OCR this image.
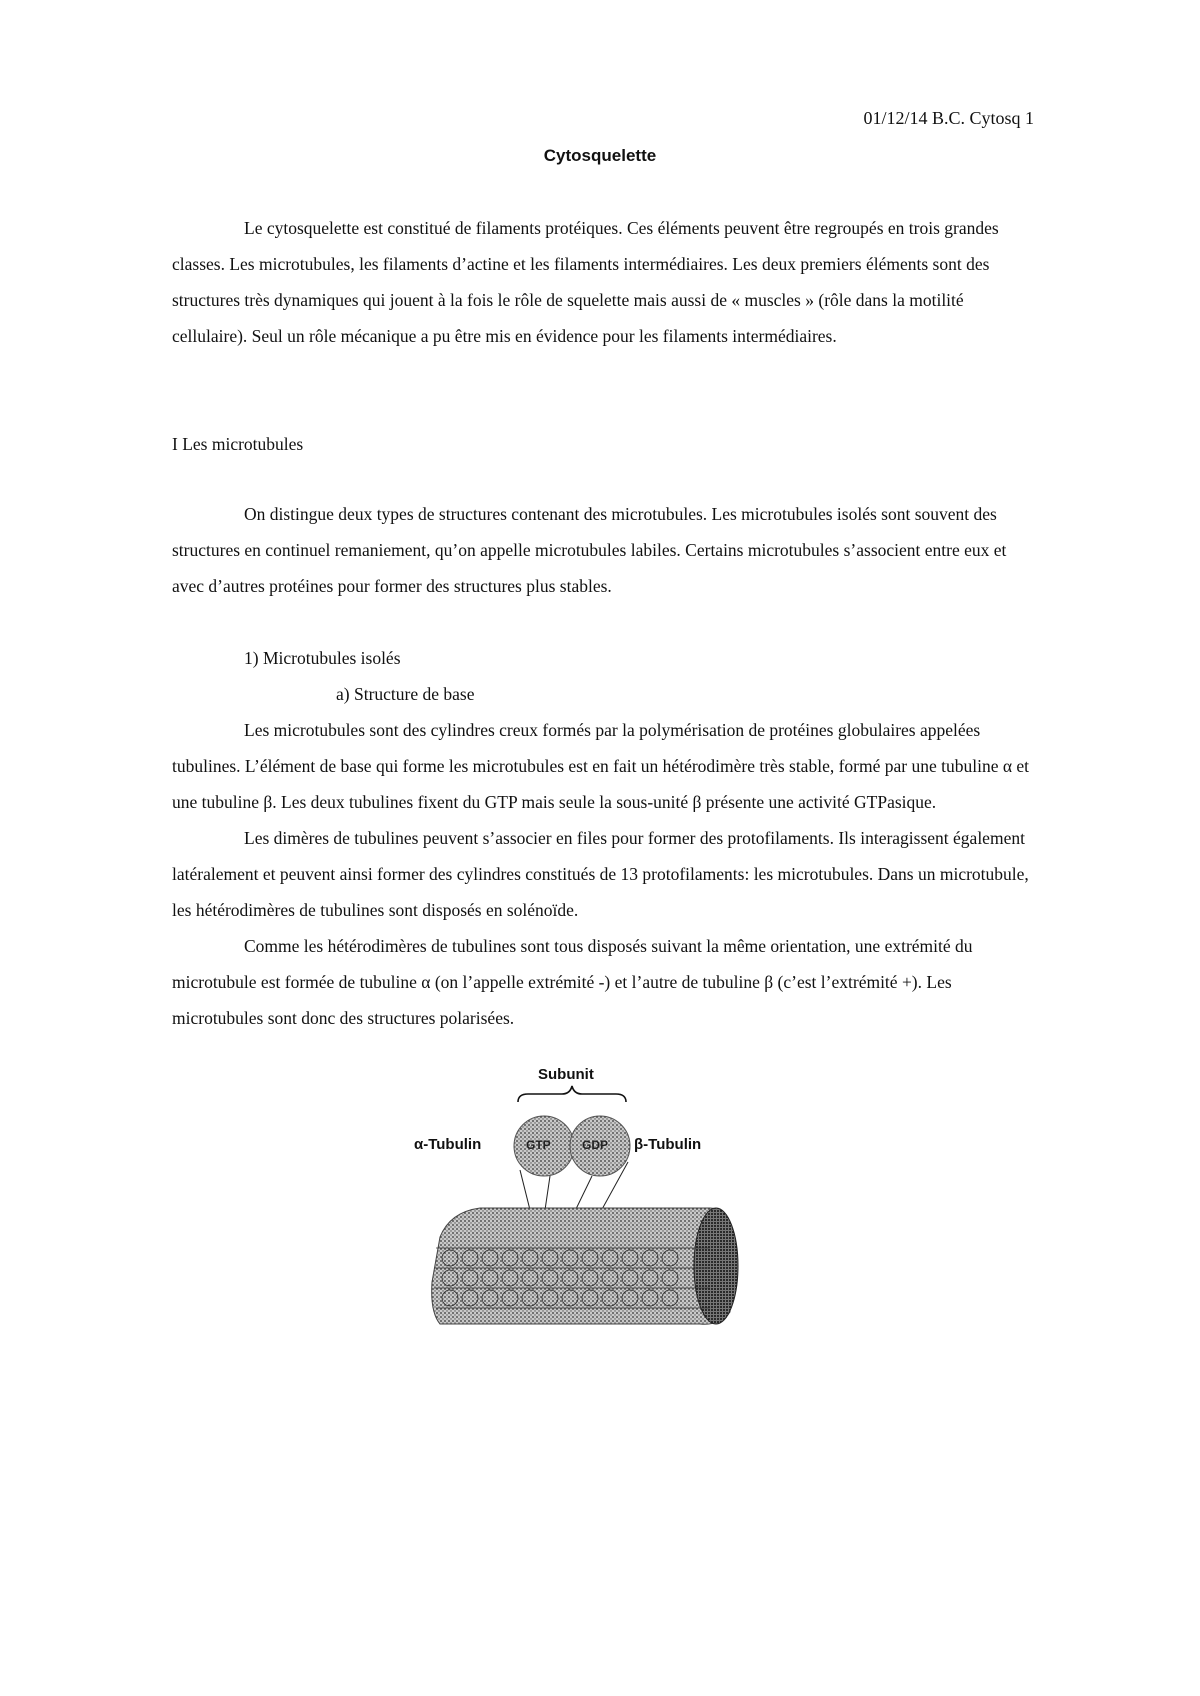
01/12/14 B.C. Cytosq 1
Cytosquelette

Le cytosquelette est constitué de filaments protéiques. Ces éléments peuvent être regroupés en trois grandes classes. Les microtubules, les filaments d’actine et les filaments intermédiaires. Les deux premiers éléments sont des structures très dynamiques qui jouent à la fois le rôle de squelette mais aussi de « muscles » (rôle dans la motilité cellulaire). Seul un rôle mécanique a pu être mis en évidence pour les filaments intermédiaires.

I Les microtubules

On distingue deux types de structures contenant des microtubules. Les microtubules isolés sont souvent des structures en continuel remaniement, qu’on appelle microtubules labiles. Certains microtubules s’associent entre eux et avec d’autres protéines pour former des structures plus stables.

1) Microtubules isolés
a) Structure de base

Les microtubules sont des cylindres creux formés par la polymérisation de protéines globulaires appelées tubulines. L’élément de base qui forme les microtubules est en fait un hétérodimère très stable, formé par une tubuline α et une tubuline β. Les deux tubulines fixent du GTP mais seule la sous-unité β présente une activité GTPasique.

Les dimères de tubulines peuvent s’associer en files pour former des protofilaments. Ils interagissent également latéralement et peuvent ainsi former des cylindres constitués de 13 protofilaments: les microtubules. Dans un microtubule, les hétérodimères de tubulines sont disposés en solénoïde.

Comme les hétérodimères de tubulines sont tous disposés suivant la même orientation, une extrémité du microtubule est formée de tubuline α (on l’appelle extrémité -) et l’autre de tubuline β (c’est l’extrémité +). Les microtubules sont donc des structures polarisées.

Subunit
α-Tubulin	β-Tubulin
GTP	GDP
